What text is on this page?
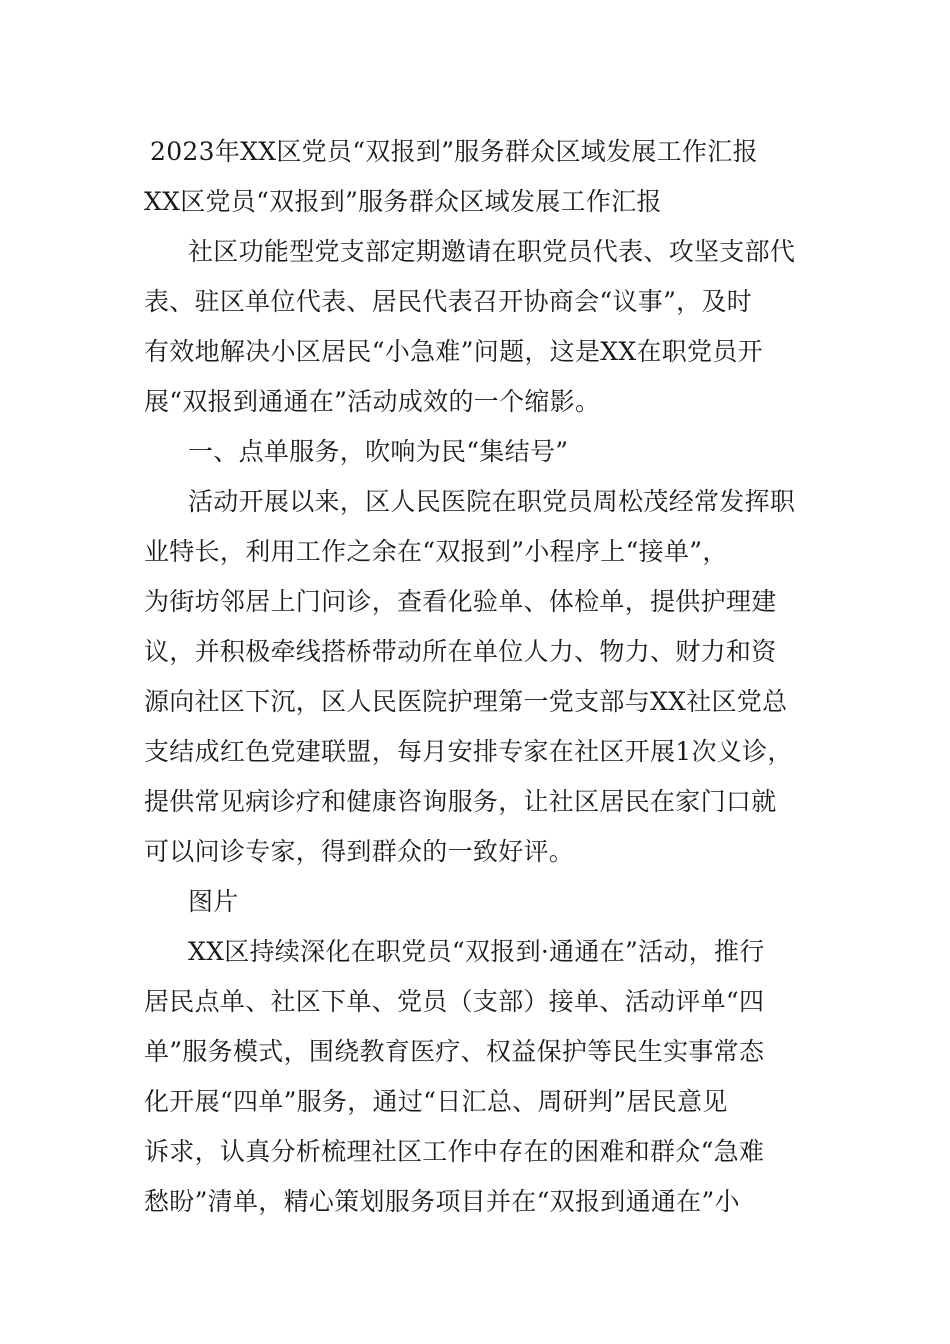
2023年XX区党员“双报到”服务群众区域发展工作汇报
XX区党员“双报到”服务群众区域发展工作汇报
社区功能型党支部定期邀请在职党员代表、攻坚支部代
表、驻区单位代表、居民代表召开协商会“议事”，及时
有效地解决小区居民“小急难”问题，这是XX在职党员开
展“双报到通通在”活动成效的一个缩影。
一、点单服务，吹响为民“集结号”
活动开展以来，区人民医院在职党员周松茂经常发挥职
业特长，利用工作之余在“双报到”小程序上“接单”，
为街坊邻居上门问诊，查看化验单、体检单，提供护理建
议，并积极牵线搭桥带动所在单位人力、物力、财力和资
源向社区下沉，区人民医院护理第一党支部与XX社区党总
支结成红色党建联盟，每月安排专家在社区开展1次义诊，
提供常见病诊疗和健康咨询服务，让社区居民在家门口就
可以问诊专家，得到群众的一致好评。
图片
XX区持续深化在职党员“双报到·通通在”活动，推行
居民点单、社区下单、党员（支部）接单、活动评单“四
单”服务模式，围绕教育医疗、权益保护等民生实事常态
化开展“四单”服务，通过“日汇总、周研判”居民意见
诉求，认真分析梳理社区工作中存在的困难和群众“急难
愁盼”清单，精心策划服务项目并在“双报到通通在”小
